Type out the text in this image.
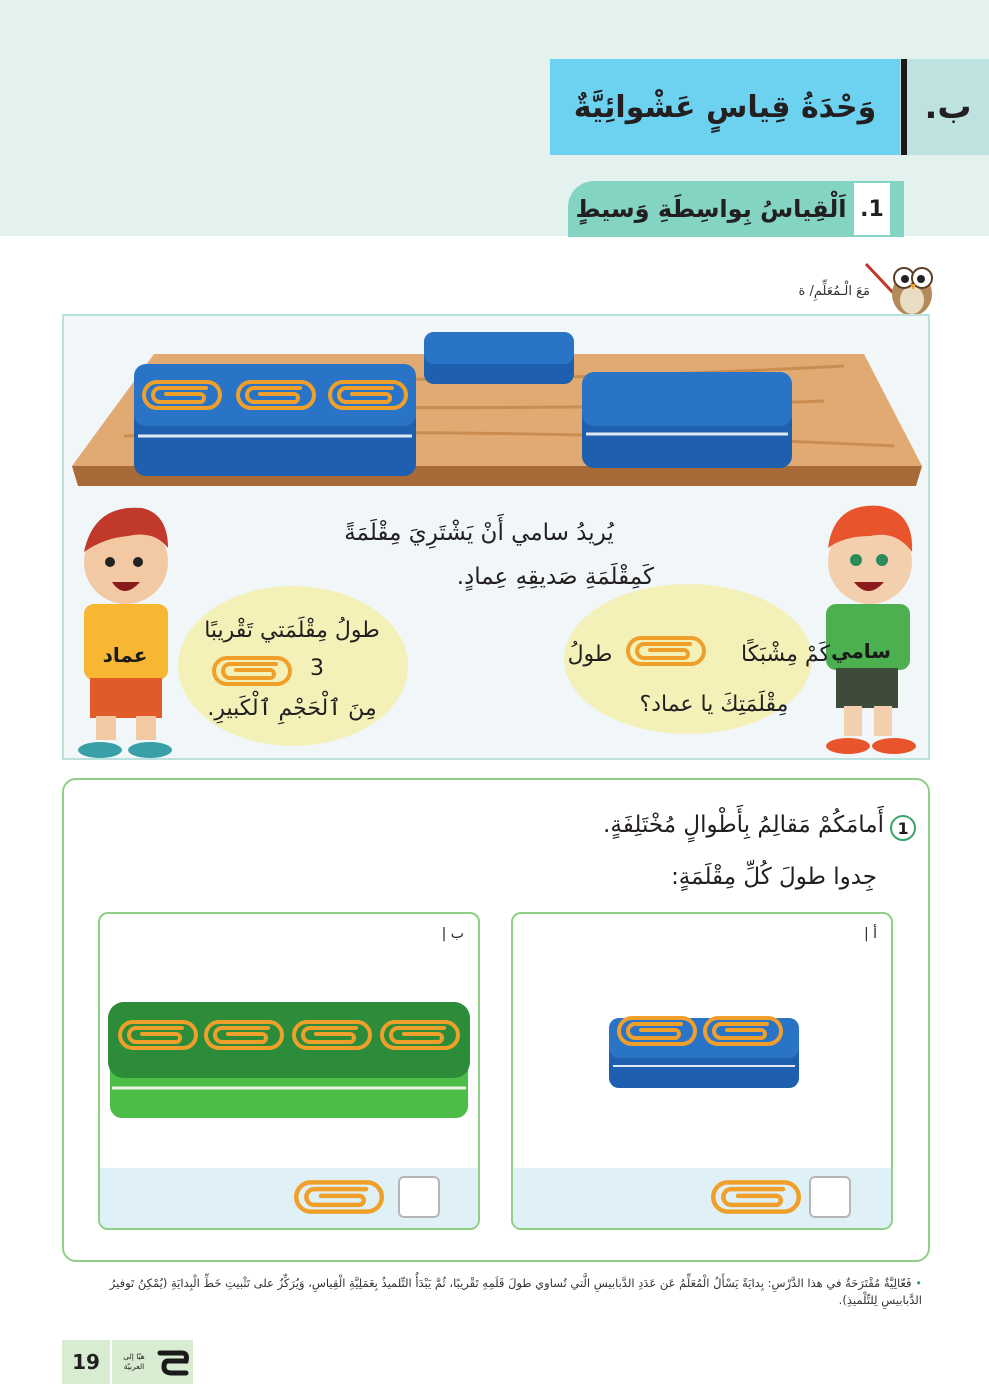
وَحْدَةُ قِياسٍ عَشْوائِيَّةٌ	ب.
اَلْقِياسُ بِواسِطَةِ وَسيطٍ 1.
مَعَ الْـمُعَلِّمِ/ ة
يُريدُ سامي أَنْ يَشْتَرِيَ مِقْلَمَةً
كَمِقْلَمَةِ صَديقِهِ عِمادٍ.
طولُ مِقْلَمَتي تَقْريبًا
3
مِنَ ٱلْحَجْمِ ٱلْكَبيرِ.
كَمْ مِشْبَكًا
طولُ
مِقْلَمَتِكَ يا عماد؟
عماد	سامي
1
أَمامَكُمْ مَقالِمُ بِأَطْوالٍ مُخْتَلِفَةٍ.
جِدوا طولَ كُلِّ مِقْلَمَةٍ:
أ |
ب |
• فَعّالِيَّةٌ مُقْتَرَحَةٌ في هذا الدَّرْسِ: بِدايَةً يَسْأَلُ الْمُعَلِّمُ عَن عَدَدِ الدَّبابيسِ الَّتي تُساوي طولَ قَلَمِهِ تَقْريبًا، ثُمَّ يَبْدَأُ التِّلميذُ بِعَمَلِيَّةِ الْقِياسِ، وَيُرَكِّزُ على تَثْبيتِ خَطِّ الْبِدايَةِ (يُمْكِنُ تَوفيرُ الدَّبابيسِ لِلتِّلْميذِ).
19	هيّا إلى العربيّة
